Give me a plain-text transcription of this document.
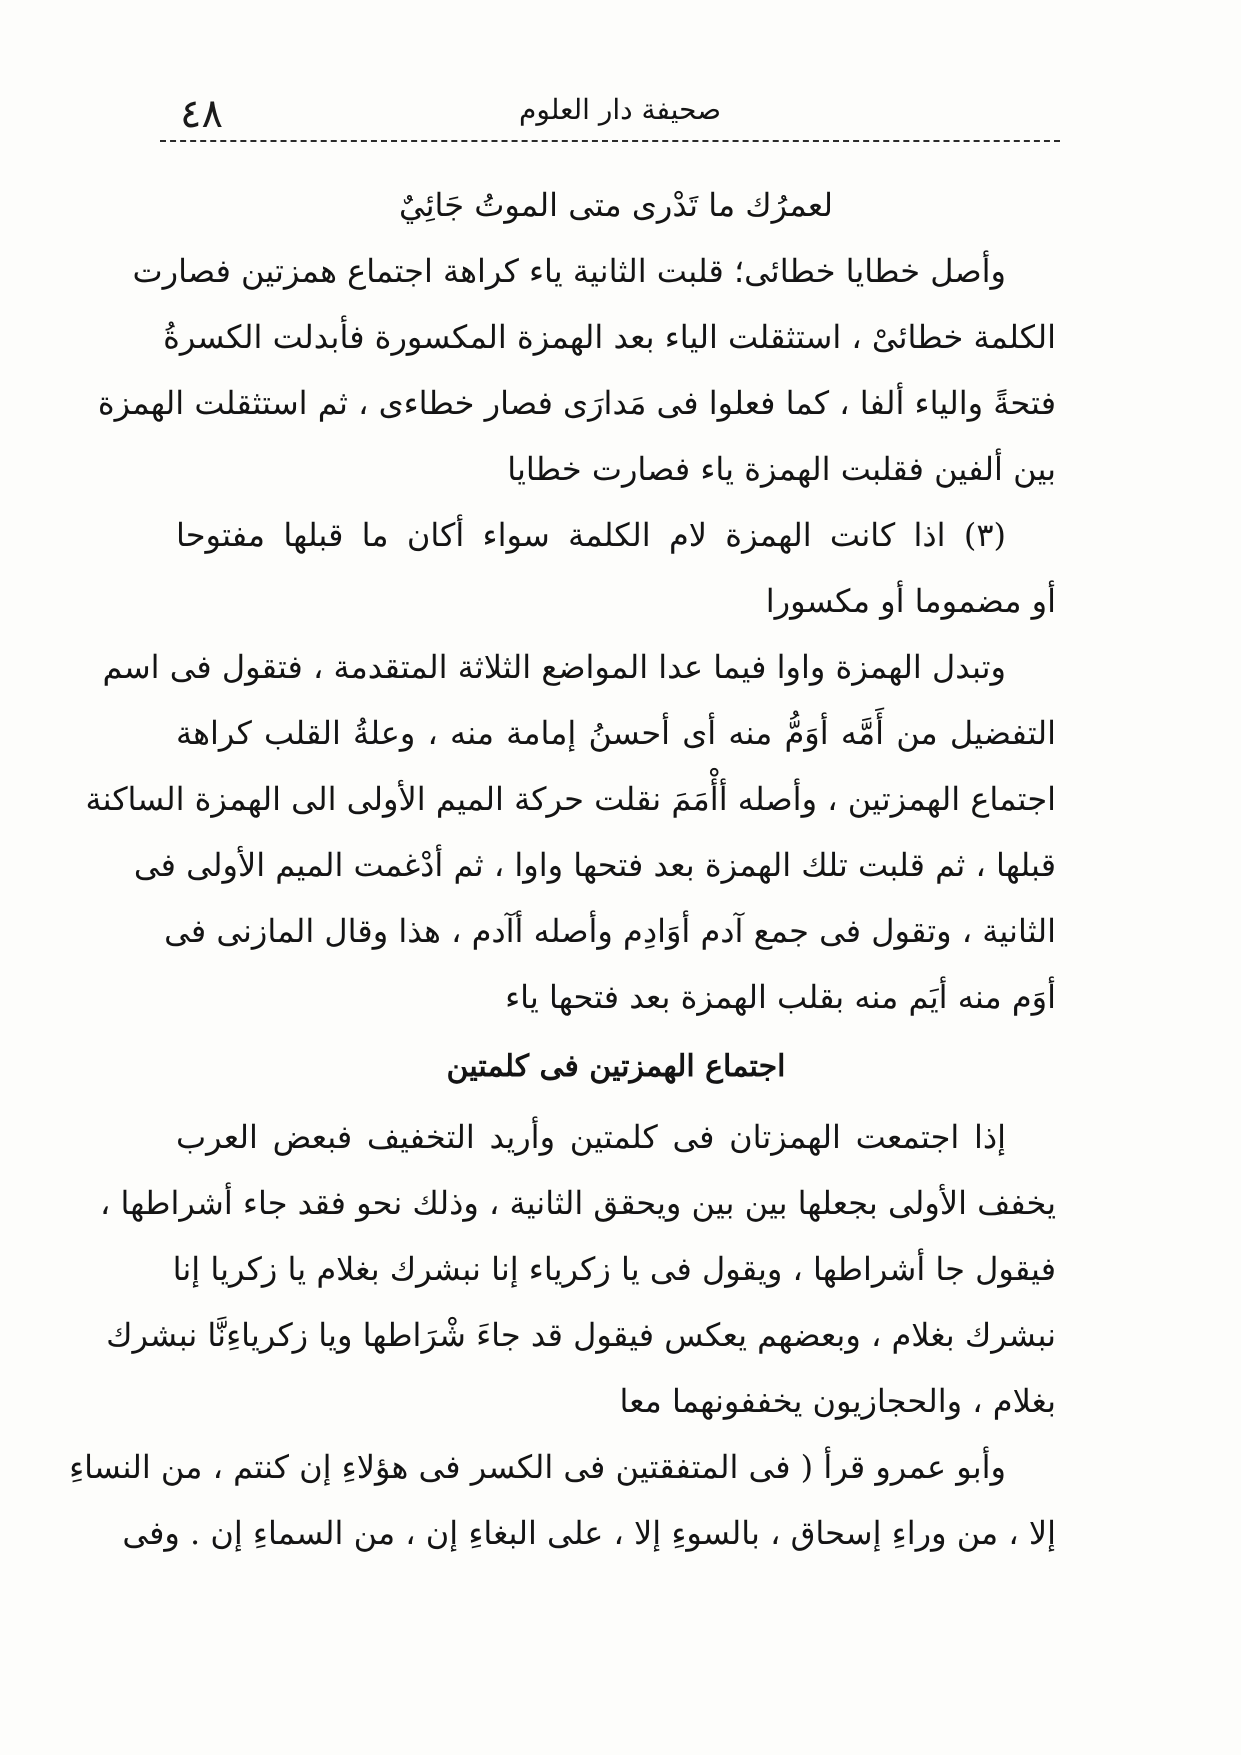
٤٨	صحيفة دار العلوم
لعمرُك ما تَدْرى متى الموتُ جَائِيٌ
وأصل خطايا خطائى؛ قلبت الثانية ياء كراهة اجتماع همزتين فصارت
الكلمة خطائىْ ، استثقلت الياء بعد الهمزة المكسورة فأبدلت الكسرةُ
فتحةً والياء ألفا ، كما فعلوا فى مَدارَى فصار خطاءى ، ثم استثقلت الهمزة
بين ألفين فقلبت الهمزة ياء فصارت خطايا
(٣) اذا كانت الهمزة لام الكلمة سواء أكان ما قبلها مفتوحا
أو مضموما أو مكسورا
وتبدل الهمزة واوا فيما عدا المواضع الثلاثة المتقدمة ، فتقول فى اسم
التفضيل من أَمَّه أوَمُّ منه أى أحسنُ إمامة منه ، وعلةُ القلب كراهة
اجتماع الهمزتين ، وأصله أأْمَمَ نقلت حركة الميم الأولى الى الهمزة الساكنة
قبلها ، ثم قلبت تلك الهمزة بعد فتحها واوا ، ثم أدْغمت الميم الأولى فى
الثانية ، وتقول فى جمع آدم أوَادِم وأصله أآدم ، هذا وقال المازنى فى
أوَم منه أيَم منه بقلب الهمزة بعد فتحها ياء
اجتماع الهمزتين فى كلمتين
إذا اجتمعت الهمزتان فى كلمتين وأريد التخفيف فبعض العرب
يخفف الأولى بجعلها بين بين ويحقق الثانية ، وذلك نحو فقد جاء أشراطها ،
فيقول جا أشراطها ، ويقول فى يا زكرياء إنا نبشرك بغلام يا زكريا إنا
نبشرك بغلام ، وبعضهم يعكس فيقول قد جاءَ شْرَاطها ويا زكرياءِنَّا نبشرك
بغلام ، والحجازيون يخففونهما معا
وأبو عمرو قرأ ( فى المتفقتين فى الكسر فى هؤلاءِ إن كنتم ، من النساءِ
إلا ، من وراءِ إسحاق ، بالسوءِ إلا ، على البغاءِ إن ، من السماءِ إن . وفى
